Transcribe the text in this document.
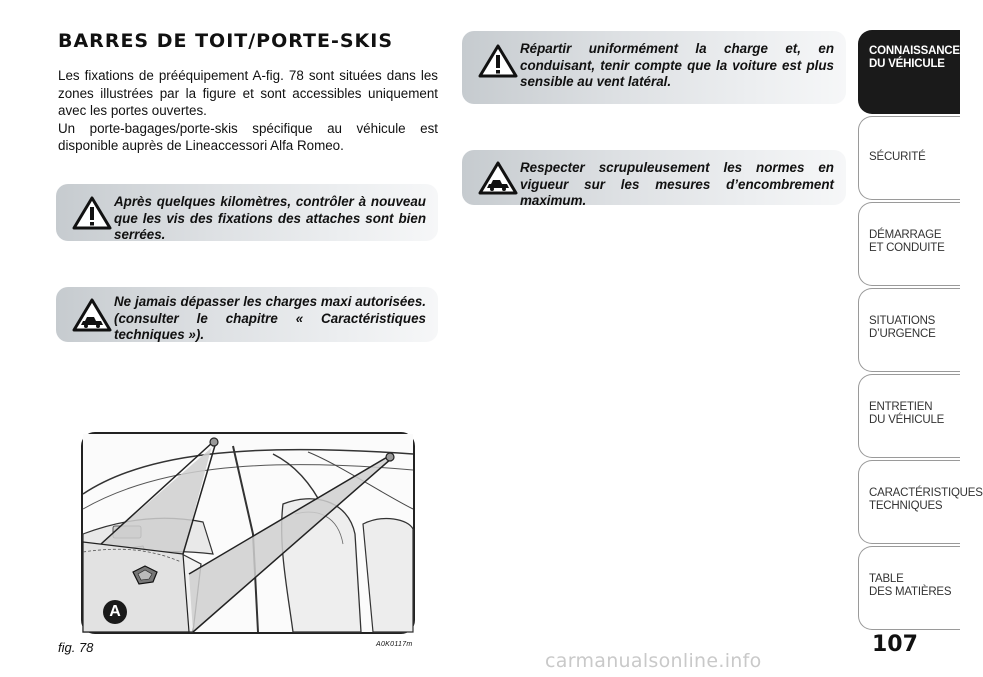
BARRES DE TOIT/PORTE-SKIS

Les fixations de prééquipement A-fig. 78 sont situées dans les zones illustrées par la figure et sont accessibles uniquement avec les portes ouvertes.

Un porte-bagages/porte-skis spécifique au véhicule est disponible auprès de Lineaccessori Alfa Romeo.

Après quelques kilomètres, contrôler à nouveau que les vis des fixations des attaches sont bien serrées.
Ne jamais dépasser les charges maxi autorisées. (consulter le chapitre « Caractéristiques techniques »).
Répartir uniformément la charge et, en conduisant, tenir compte que la voiture est plus sensible au vent latéral.
Respecter scrupuleusement les normes en vigueur sur les mesures d’encombrement maximum.
A
fig. 78	A0K0117m	107
CONNAISSANCE
DU VÉHICULE
SÉCURITÉ
DÉMARRAGE
ET CONDUITE
SITUATIONS
D’URGENCE
ENTRETIEN
DU VÉHICULE
CARACTÉRISTIQUES
TECHNIQUES
TABLE
DES MATIÈRES
carmanualsonline.info
